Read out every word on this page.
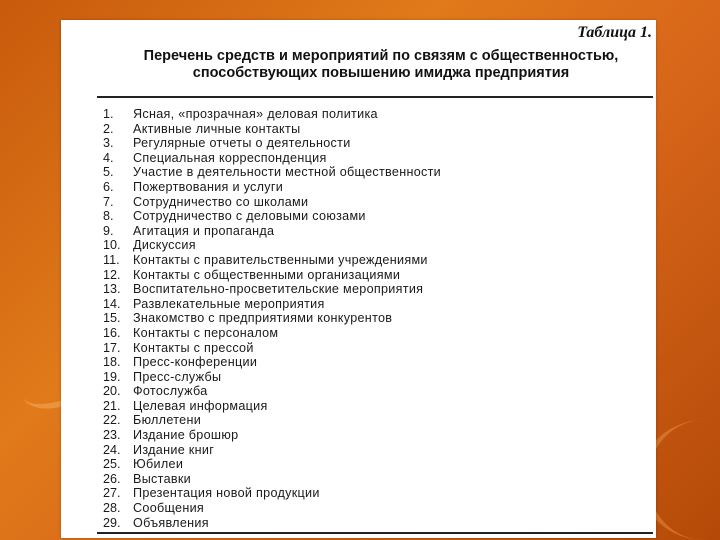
Таблица 1.

Перечень средств и мероприятий по связям с общественностью,
способствующих повышению имиджа предприятия
1.	Ясная, «прозрачная» деловая политика
2.	Активные личные контакты
3.	Регулярные отчеты о деятельности
4.	Специальная корреспонденция
5.	Участие в деятельности местной общественности
6.	Пожертвования и услуги
7.	Сотрудничество со школами
8.	Сотрудничество с деловыми союзами
9.	Агитация и пропаганда
10. Дискуссия
11.	Контакты с правительственными учреждениями
12. Контакты с общественными организациями
13. Воспитательно-просветительские мероприятия
14. Развлекательные мероприятия
15. Знакомство с предприятиями конкурентов
16. Контакты с персоналом
17. Контакты с прессой
18. Пресс-конференции
19. Пресс-службы
20. Фотослужба
21. Целевая информация
22. Бюллетени
23. Издание брошюр
24. Издание книг
25. Юбилеи
26. Выставки
27. Презентация новой продукции
28. Сообщения
29. Объявления
